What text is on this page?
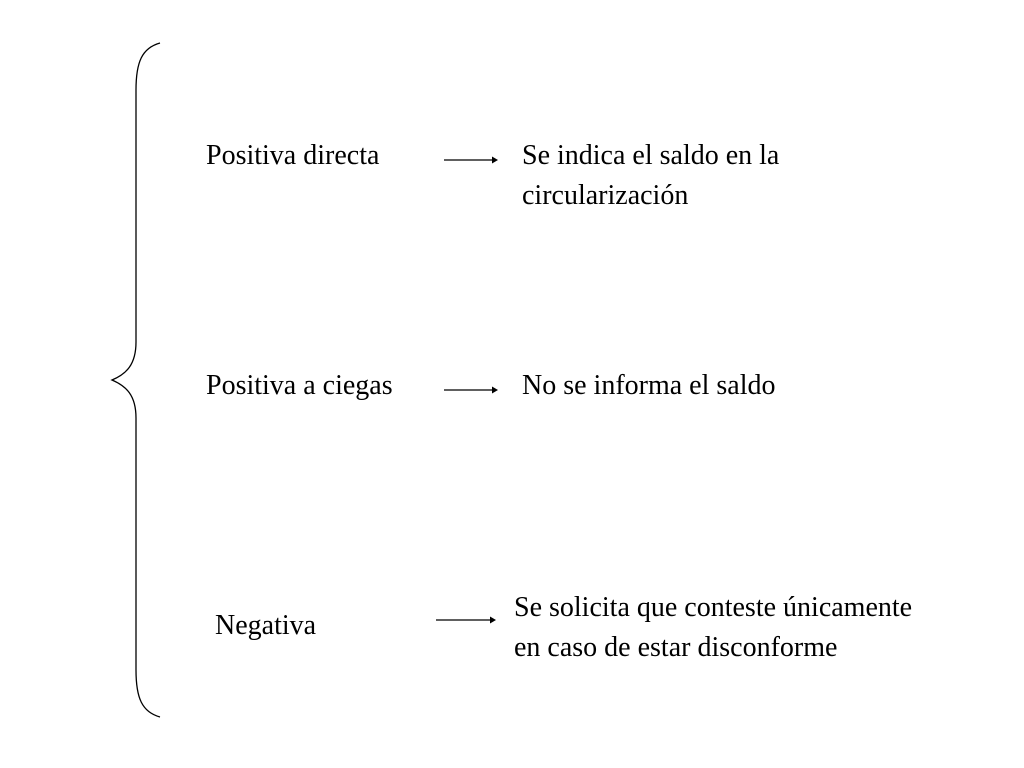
Positiva directa	Se indica el saldo en la
circularización
Positiva a ciegas	No se informa el saldo
Negativa
Se solicita que conteste únicamente
en caso de estar disconforme
